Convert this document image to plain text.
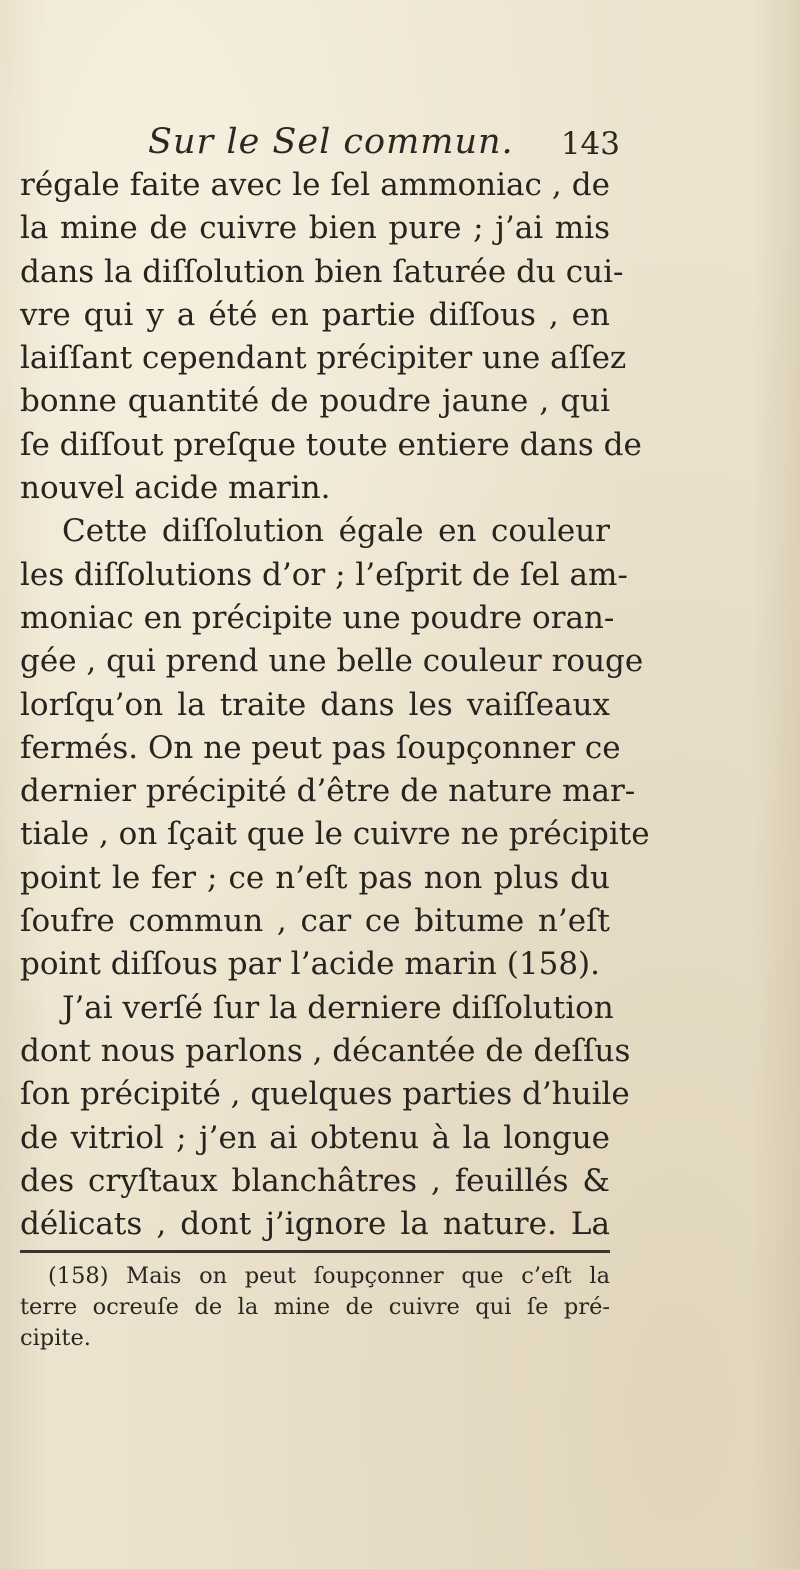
Sur le Sel commun. 143
régale faite avec le ſel ammoniac , de
la mine de cuivre bien pure ; j’ai mis
dans la diſſolution bien ſaturée du cui-
vre qui y a été en partie diſſous , en
laiſſant cependant précipiter une aſſez
bonne quantité de poudre jaune , qui
ſe diſſout preſque toute entiere dans de
nouvel acide marin.
Cette diſſolution égale en couleur
les diſſolutions d’or ; l’eſprit de ſel am-
moniac en précipite une poudre oran-
gée , qui prend une belle couleur rouge
lorſqu’on la traite dans les vaiſſeaux
fermés. On ne peut pas ſoupçonner ce
dernier précipité d’être de nature mar-
tiale , on ſçait que le cuivre ne précipite
point le fer ; ce n’eſt pas non plus du
ſoufre commun , car ce bitume n’eſt
point diſſous par l’acide marin (158).
J’ai verſé ſur la derniere diſſolution
dont nous parlons , décantée de deſſus
ſon précipité , quelques parties d’huile
de vitriol ; j’en ai obtenu à la longue
des cryſtaux blanchâtres , feuillés &
délicats , dont j’ignore la nature. La
(158) Mais on peut ſoupçonner que c’eſt la
terre ocreuſe de la mine de cuivre qui ſe pré-
cipite.
